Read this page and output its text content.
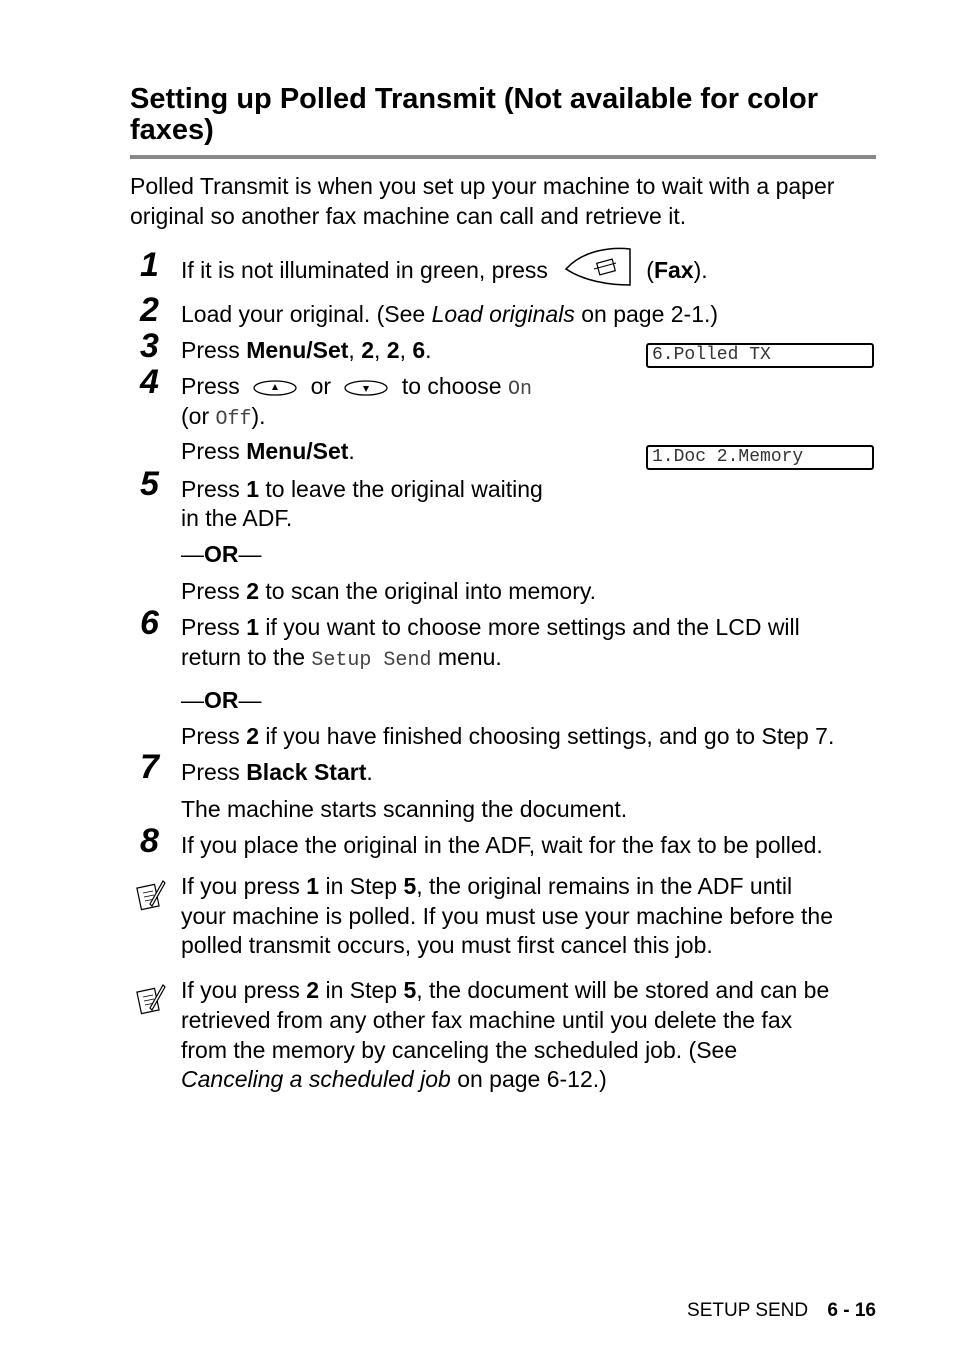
Setting up Polled Transmit (Not available for color faxes)
Polled Transmit is when you set up your machine to wait with a paper original so another fax machine can call and retrieve it.
1 If it is not illuminated in green, press	(Fax).
2 Load your original. (See Load originals on page 2-1.)
3 Press Menu/Set, 2, 2, 6.	6.Polled TX
4 Press	or	to choose On
(or Off).
Press Menu/Set.	1.Doc 2.Memory
5 Press 1 to leave the original waiting
in the ADF.
—OR—
Press 2 to scan the original into memory.
6 Press 1 if you want to choose more settings and the LCD will
return to the Setup Send menu.
—OR—
Press 2 if you have finished choosing settings, and go to Step 7.
7 Press Black Start.
The machine starts scanning the document.
8 If you place the original in the ADF, wait for the fax to be polled.
If you press 1 in Step 5, the original remains in the ADF until
your machine is polled. If you must use your machine before the
polled transmit occurs, you must first cancel this job.
If you press 2 in Step 5, the document will be stored and can be
retrieved from any other fax machine until you delete the fax
from the memory by canceling the scheduled job. (See
Canceling a scheduled job on page 6-12.)
SETUP SEND 6 - 16
